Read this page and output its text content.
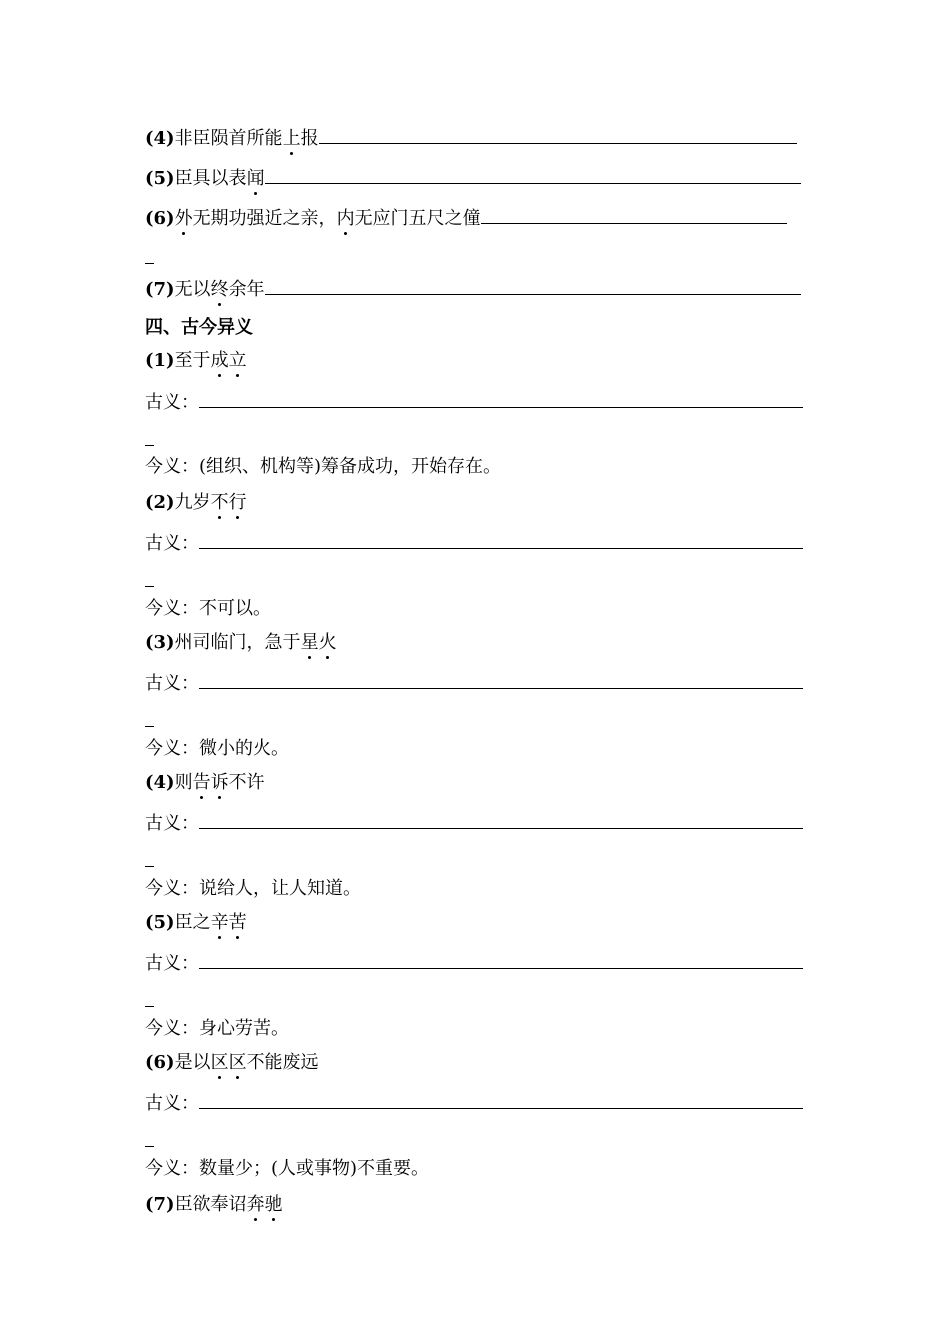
(4)非臣陨首所能上报
(5)臣具以表闻
(6)外无期功强近之亲，内无应门五尺之僮
(7)无以终余年
四、古今异义
(1)至于成立
古义：
今义：(组织、机构等)筹备成功，开始存在。
(2)九岁不行
古义：
今义：不可以。
(3)州司临门，急于星火
古义：
今义：微小的火。
(4)则告诉不许
古义：
今义：说给人，让人知道。
(5)臣之辛苦
古义：
今义：身心劳苦。
(6)是以区区不能废远
古义：
今义：数量少；(人或事物)不重要。
(7)臣欲奉诏奔驰
